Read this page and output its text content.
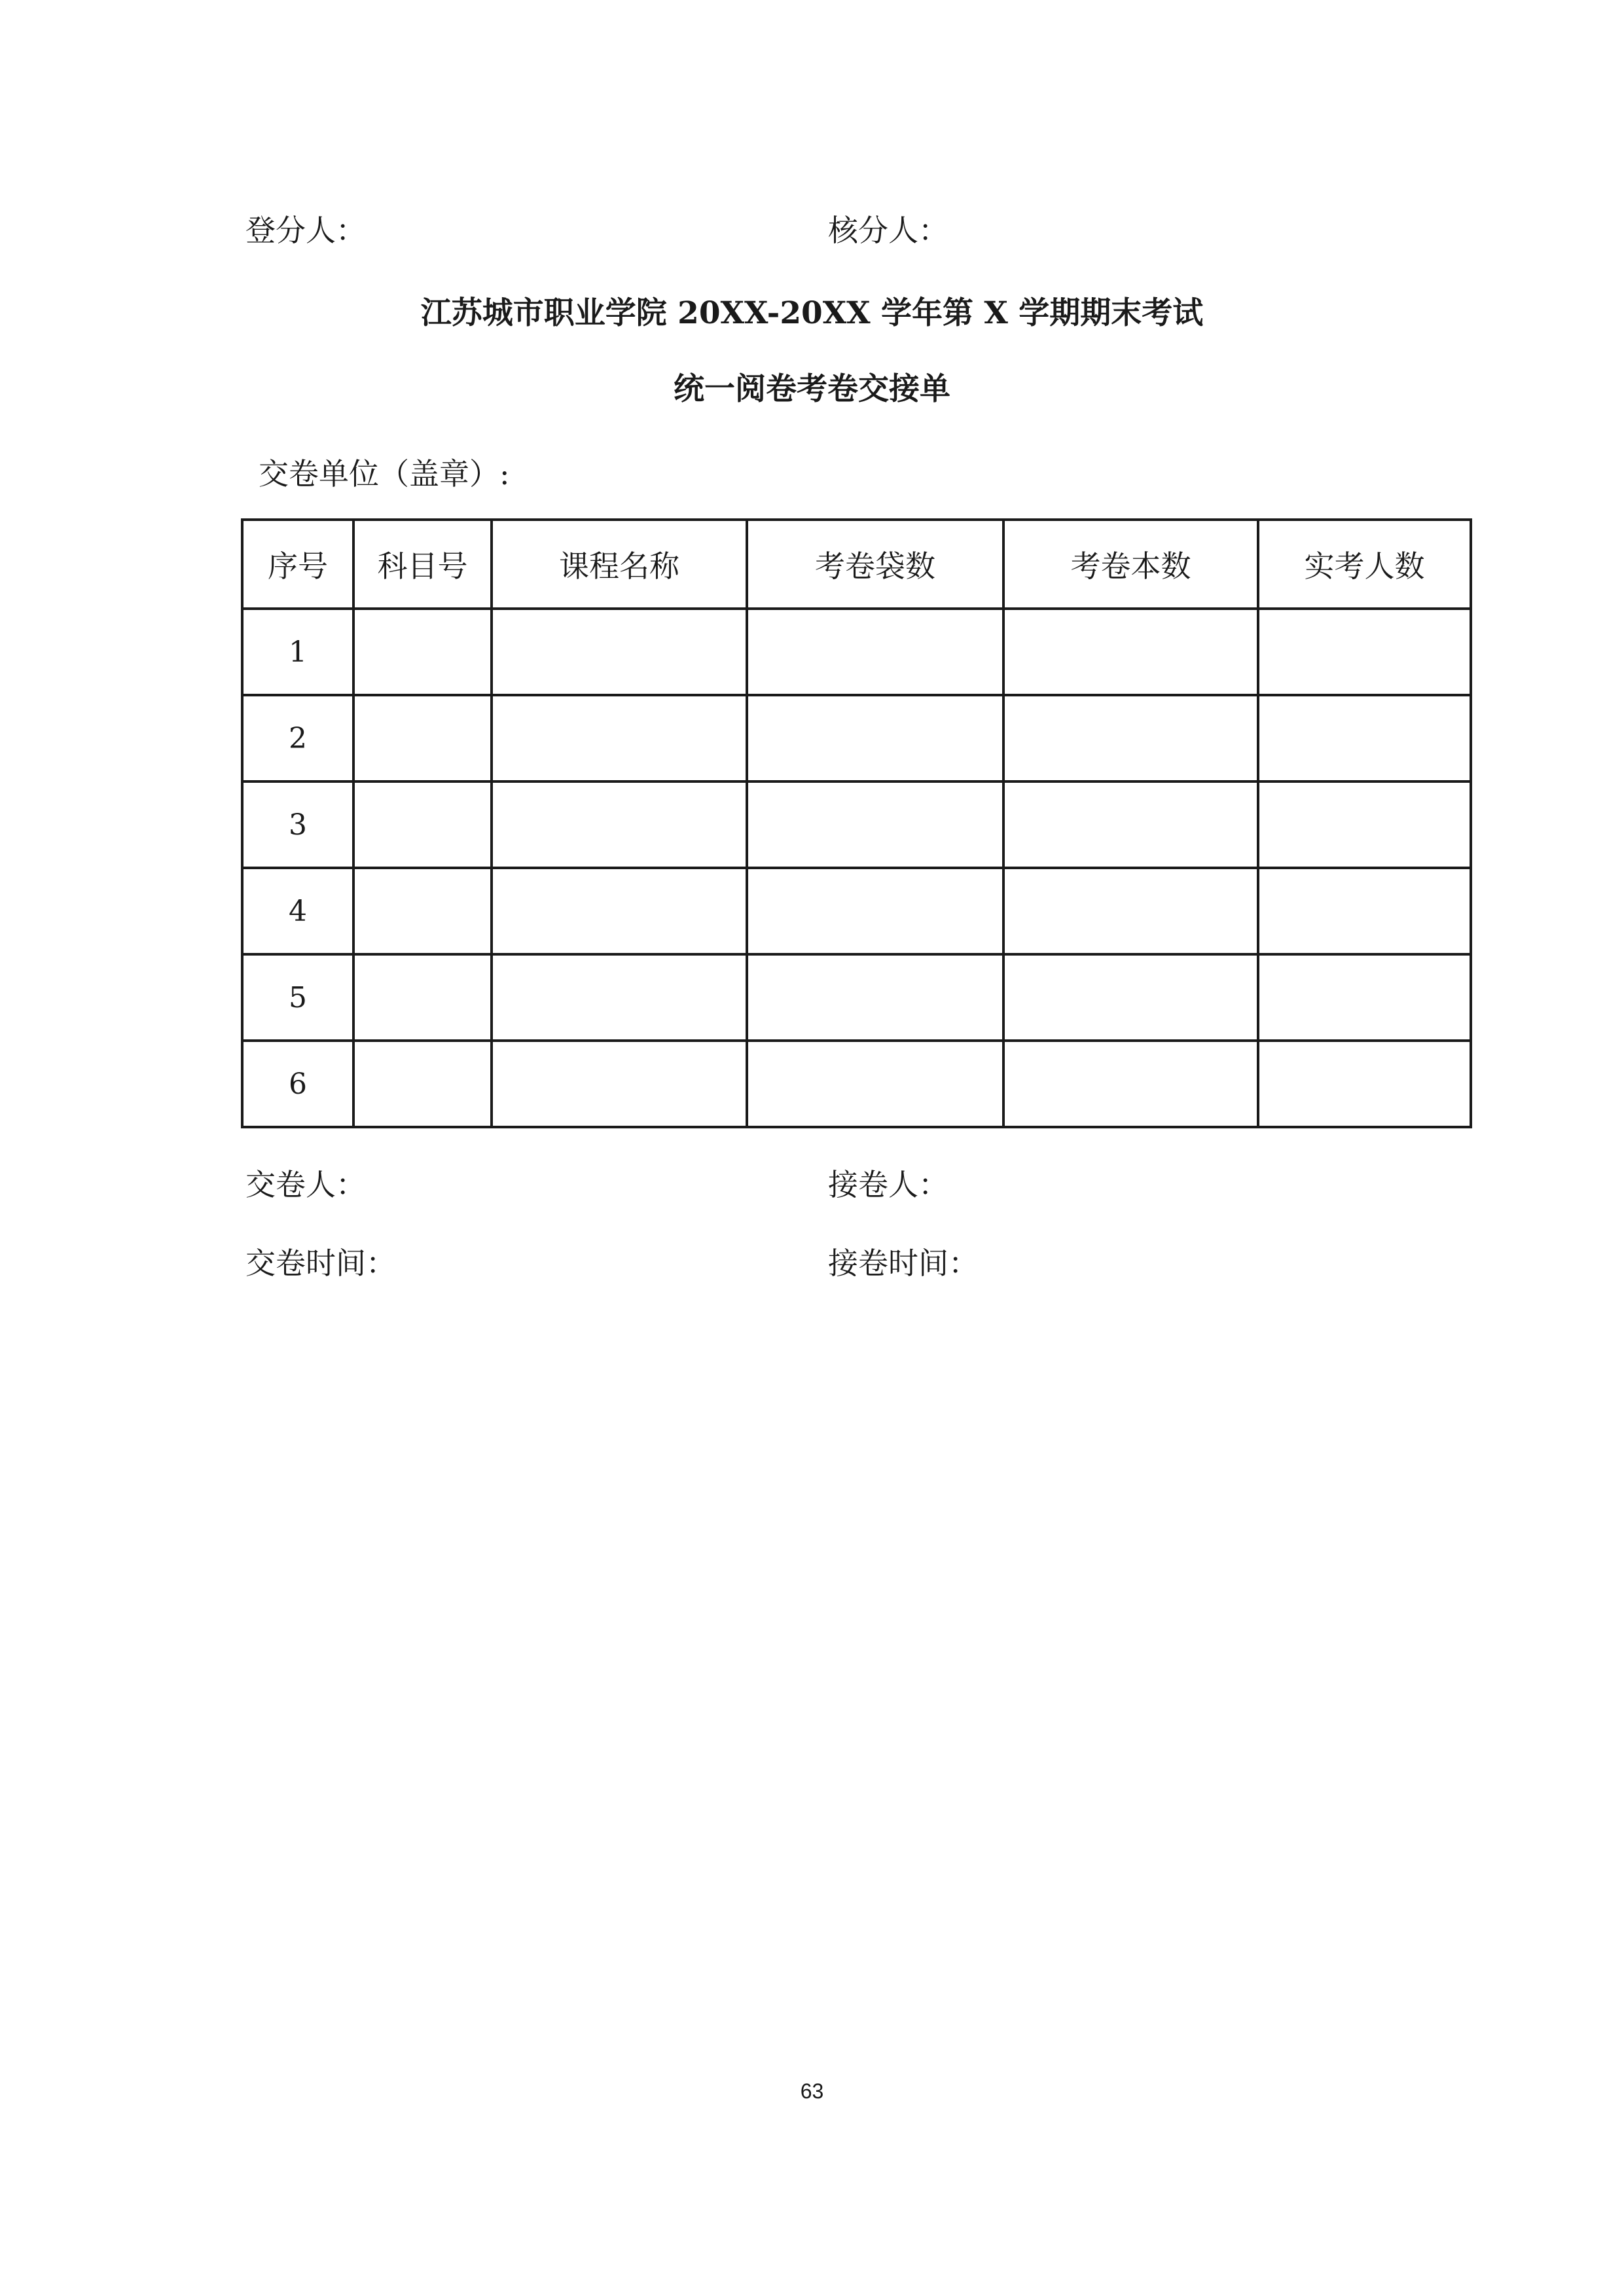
登分人：	核分人：
江苏城市职业学院 20XX-20XX 学年第 X 学期期末考试
统一阅卷考卷交接单
交卷单位（盖章）:
序号	科目号	课程名称	考卷袋数	考卷本数	实考人数
1					
2					
3					
4					
5					
6					
交卷人：	接卷人：
交卷时间：	接卷时间：
63
